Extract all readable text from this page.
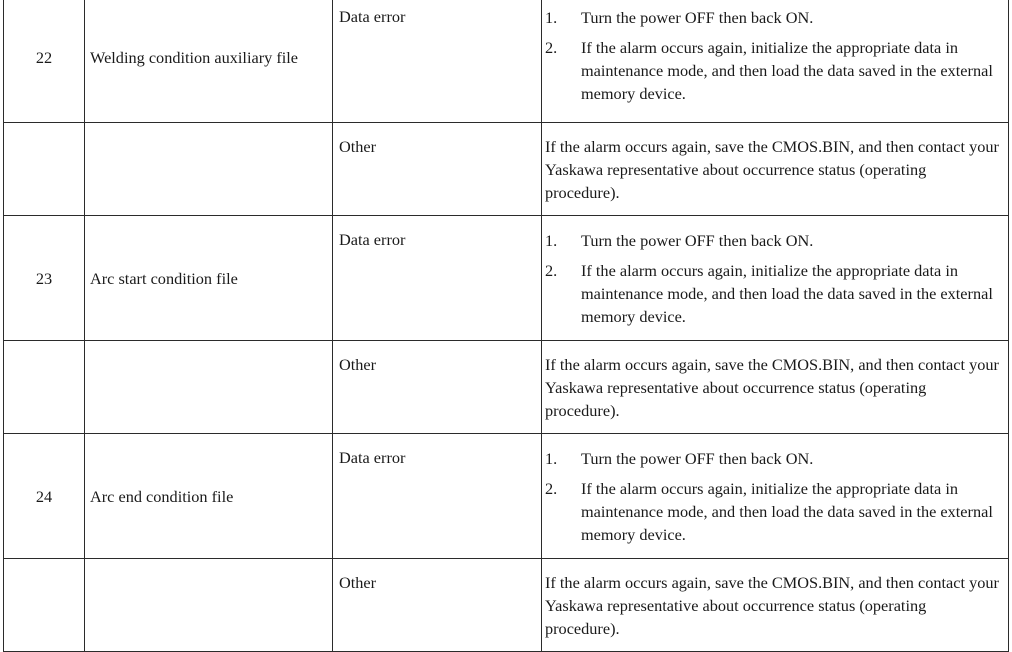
22	Welding condition auxiliary file	Data error	1. Turn the power OFF then back ON.
2. If the alarm occurs again, initialize the appropriate data in maintenance mode, and then load the data saved in the external memory device.

		Other	If the alarm occurs again, save the CMOS.BIN, and then contact your Yaskawa representative about occurrence status (operating procedure).
23	Arc start condition file	Data error	1. Turn the power OFF then back ON.
2. If the alarm occurs again, initialize the appropriate data in maintenance mode, and then load the data saved in the external memory device.

		Other	If the alarm occurs again, save the CMOS.BIN, and then contact your Yaskawa representative about occurrence status (operating procedure).
24	Arc end condition file	Data error	1. Turn the power OFF then back ON.
2. If the alarm occurs again, initialize the appropriate data in maintenance mode, and then load the data saved in the external memory device.

		Other	If the alarm occurs again, save the CMOS.BIN, and then contact your Yaskawa representative about occurrence status (operating procedure).
